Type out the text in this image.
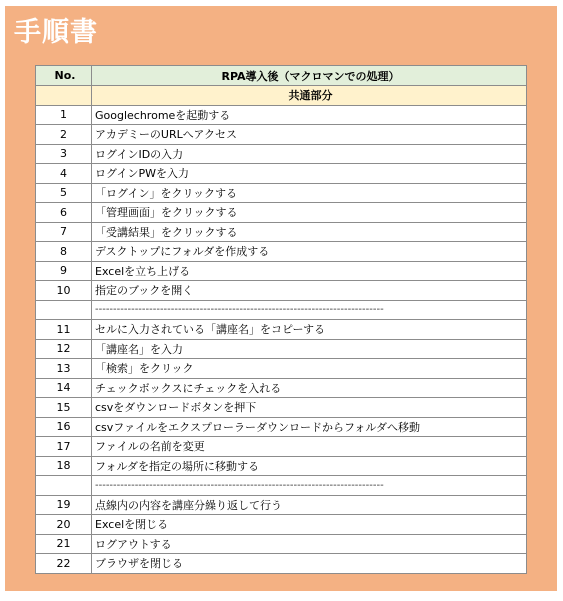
手順書
No.	RPA導入後（マクロマンでの処理）
	共通部分
1	Googlechromeを起動する
2	アカデミーのURLへアクセス
3	ログインIDの入力
4	ログインPWを入力
5	「ログイン」をクリックする
6	「管理画面」をクリックする
7	「受講結果」をクリックする
8	デスクトップにフォルダを作成する
9	Excelを立ち上げる
10	指定のブックを開く
	--------------------------------------------------------------------------------
11	セルに入力されている「講座名」をコピーする
12	「講座名」を入力
13	「検索」をクリック
14	チェックボックスにチェックを入れる
15	csvをダウンロードボタンを押下
16	csvファイルをエクスプローラーダウンロードからフォルダへ移動
17	ファイルの名前を変更
18	フォルダを指定の場所に移動する
	--------------------------------------------------------------------------------
19	点線内の内容を講座分繰り返して行う
20	Excelを閉じる
21	ログアウトする
22	ブラウザを閉じる
